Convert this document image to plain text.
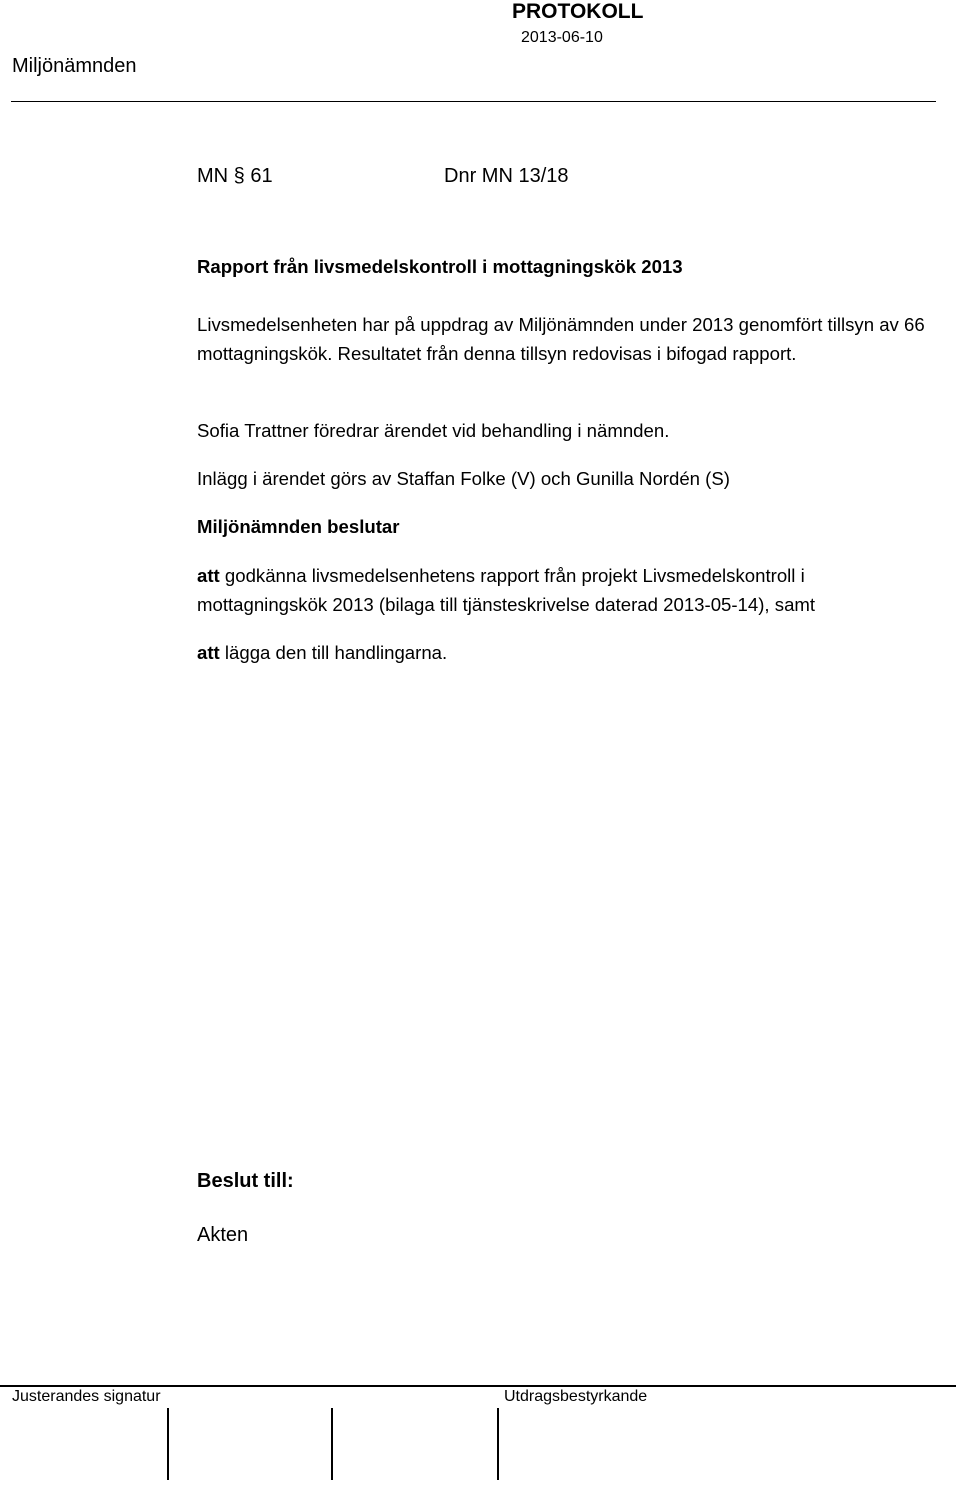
Miljönämnden
PROTOKOLL
2013-06-10
MN § 61	Dnr MN 13/18
Rapport från livsmedelskontroll i mottagningskök 2013
Livsmedelsenheten har på uppdrag av Miljönämnden under 2013 genomfört tillsyn av 66 mottagningskök. Resultatet från denna tillsyn redovisas i bifogad rapport.
Sofia Trattner föredrar ärendet vid behandling i nämnden.
Inlägg i ärendet görs av Staffan Folke (V) och Gunilla Nordén (S)
Miljönämnden beslutar
att godkänna livsmedelsenhetens rapport från projekt Livsmedelskontroll i mottagningskök 2013 (bilaga till tjänsteskrivelse daterad 2013-05-14), samt
att lägga den till handlingarna.
Beslut till:
Akten
Justerandes signatur	Utdragsbestyrkande
